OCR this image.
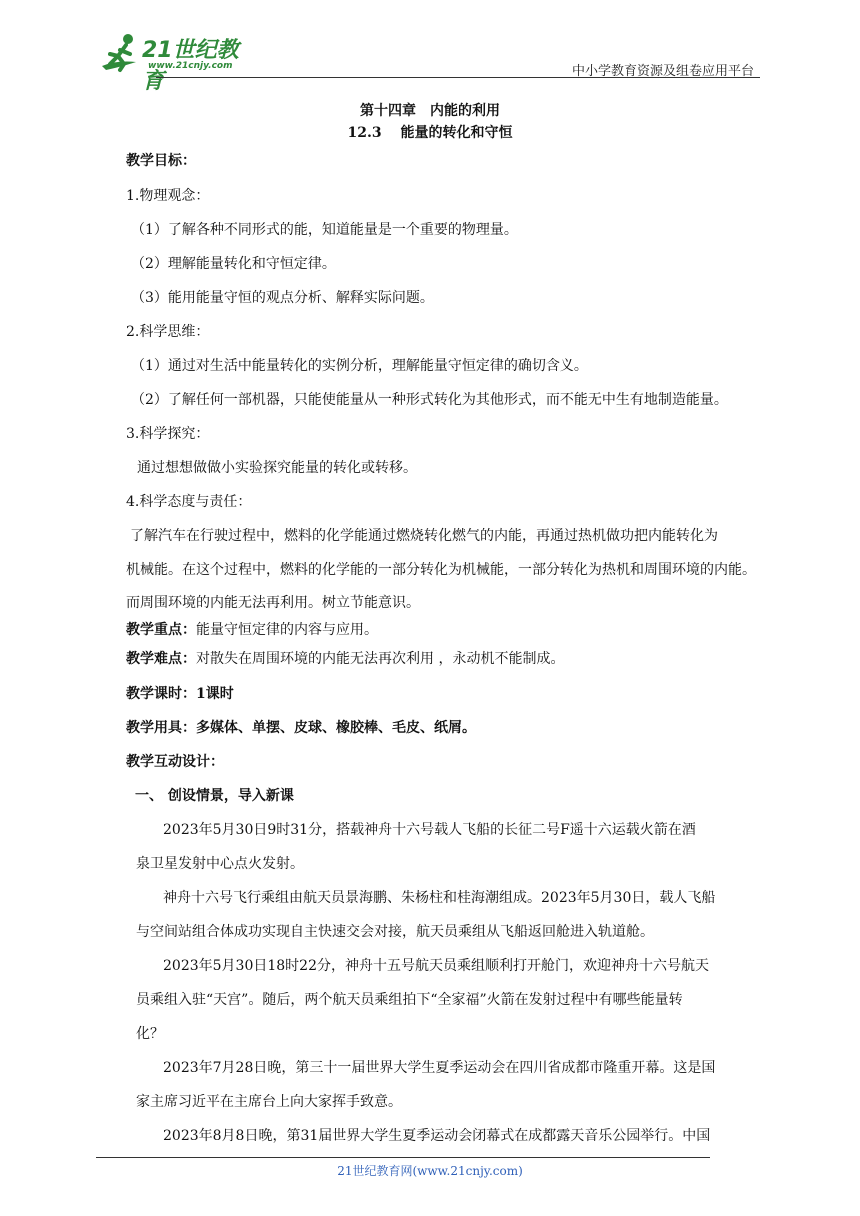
21世纪教育
www.21cnjy.com	中小学教育资源及组卷应用平台
第十四章　内能的利用
12.3　 能量的转化和守恒
教学目标：
1.物理观念：
（1）了解各种不同形式的能，知道能量是一个重要的物理量。
（2）理解能量转化和守恒定律。
（3）能用能量守恒的观点分析、解释实际问题。
2.科学思维：
（1）通过对生活中能量转化的实例分析，理解能量守恒定律的确切含义。
（2）了解任何一部机器，只能使能量从一种形式转化为其他形式，而不能无中生有地制造能量。
3.科学探究：
通过想想做做小实验探究能量的转化或转移。
4.科学态度与责任：
了解汽车在行驶过程中，燃料的化学能通过燃烧转化燃气的内能，再通过热机做功把内能转化为
机械能。在这个过程中，燃料的化学能的一部分转化为机械能，一部分转化为热机和周围环境的内能。
而周围环境的内能无法再利用。树立节能意识。
教学重点：能量守恒定律的内容与应用。
教学难点：对散失在周围环境的内能无法再次利用 ，永动机不能制成。
教学课时：1课时
教学用具：多媒体、单摆、皮球、橡胶棒、毛皮、纸屑。
教学互动设计：
一、 创设情景，导入新课
2023年5月30日9时31分，搭载神舟十六号载人飞船的长征二号F遥十六运载火箭在酒
泉卫星发射中心点火发射。
神舟十六号飞行乘组由航天员景海鹏、朱杨柱和桂海潮组成。2023年5月30日，载人飞船
与空间站组合体成功实现自主快速交会对接，航天员乘组从飞船返回舱进入轨道舱。
2023年5月30日18时22分，神舟十五号航天员乘组顺利打开舱门，欢迎神舟十六号航天
员乘组入驻“天宫”。随后，两个航天员乘组拍下“全家福”火箭在发射过程中有哪些能量转
化？
2023年7月28日晚，第三十一届世界大学生夏季运动会在四川省成都市隆重开幕。这是国
家主席习近平在主席台上向大家挥手致意。
2023年8月8日晚，第31届世界大学生夏季运动会闭幕式在成都露天音乐公园举行。中国
21世纪教育网(www.21cnjy.com)
